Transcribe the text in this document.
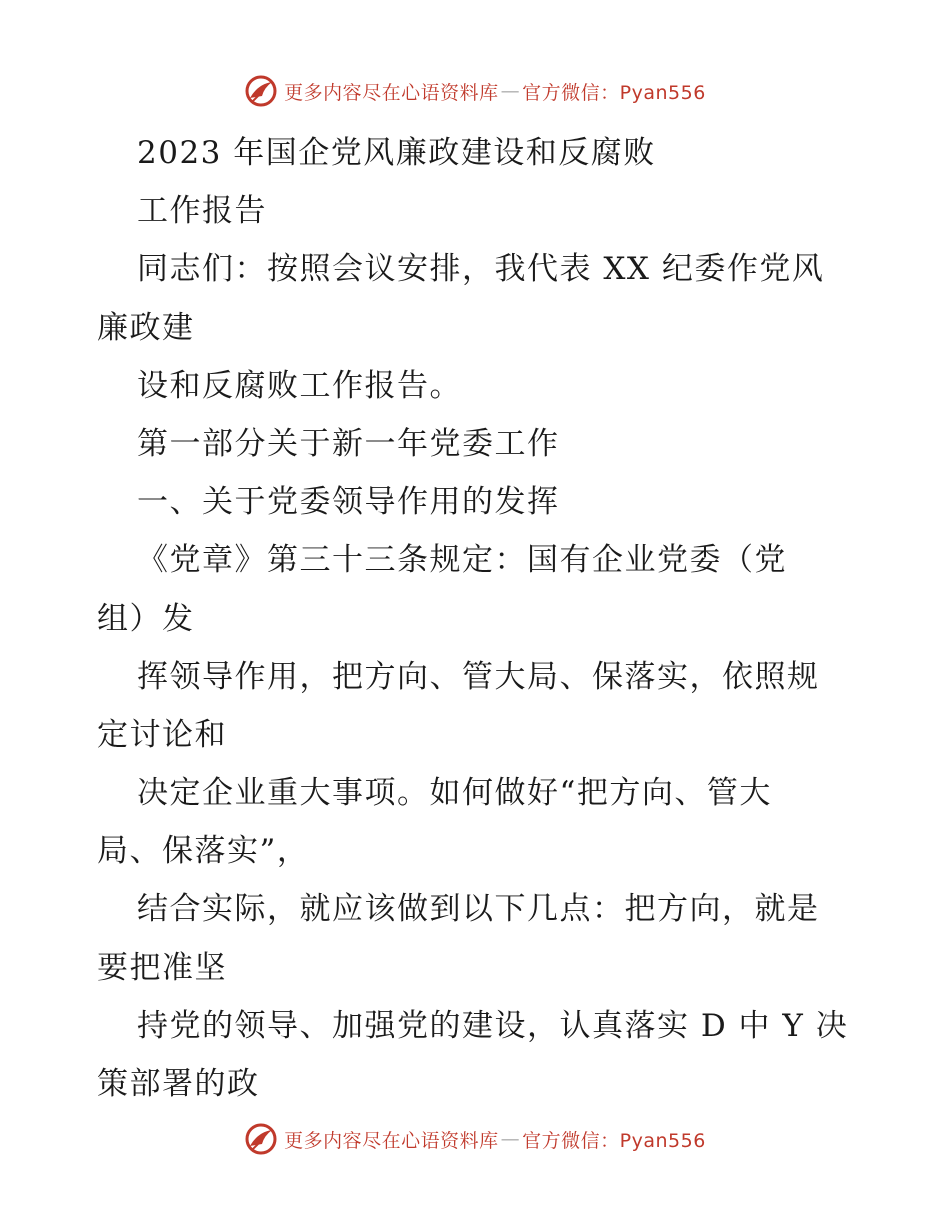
更多内容尽在心语资料库 — 官方微信：Pyan556
2023 年国企党风廉政建设和反腐败
工作报告
同志们：按照会议安排，我代表 XX 纪委作党风
廉政建
设和反腐败工作报告。
第一部分关于新一年党委工作
一、关于党委领导作用的发挥
《党章》第三十三条规定：国有企业党委（党
组）发
挥领导作用，把方向、管大局、保落实，依照规
定讨论和
决定企业重大事项。如何做好“把方向、管大
局、保落实”，
结合实际，就应该做到以下几点：把方向，就是
要把准坚
持党的领导、加强党的建设，认真落实 D 中 Y 决
策部署的政
更多内容尽在心语资料库 — 官方微信：Pyan556
